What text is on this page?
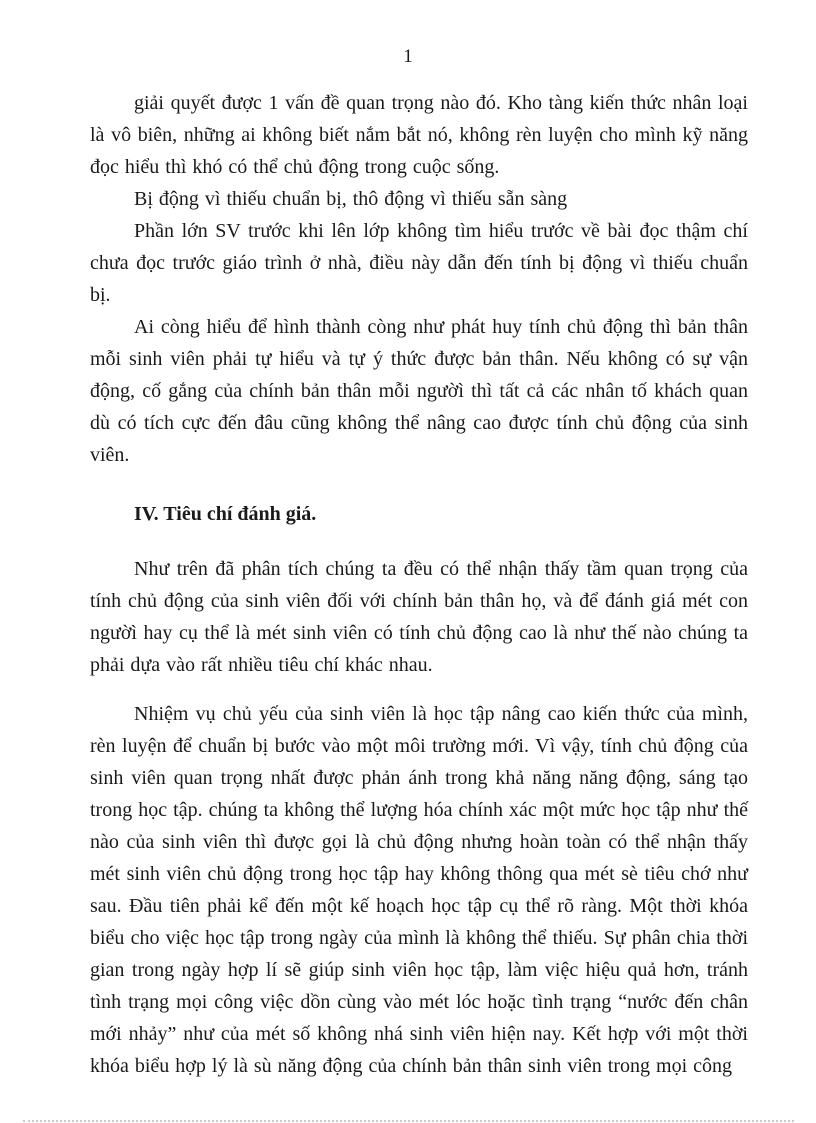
1

giải quyết được 1 vấn đề quan trọng nào đó. Kho tàng kiến thức nhân loại là vô biên, những ai không biết nắm bắt nó, không rèn luyện cho mình kỹ năng đọc hiểu thì khó có thể chủ động trong cuộc sống.

Bị động vì thiếu chuẩn bị, thô động vì thiếu sẵn sàng

Phần lớn SV trước khi lên lớp không tìm hiểu trước về bài đọc thậm chí chưa đọc trước giáo trình ở nhà, điều này dẫn đến tính bị động vì thiếu chuẩn bị.

Ai còng hiểu để hình thành còng như phát huy tính chủ động thì bản thân mỗi sinh viên phải tự hiểu và tự ý thức được bản thân. Nếu không có sự vận động, cố gắng của chính bản thân mỗi ngườì thì tất cả các nhân tố khách quan dù có tích cực đến đâu cũng không thể nâng cao được tính chủ động của sinh viên.

IV. Tiêu chí đánh giá.

Như trên đã phân tích chúng ta đều có thể nhận thấy tầm quan trọng của tính chủ động của sinh viên đối với chính bản thân họ, và để đánh giá mét con ngườì hay cụ thể là mét sinh viên có tính chủ động cao là như thế nào chúng ta phải dựa vào rất nhiều tiêu chí khác nhau.

Nhiệm vụ chủ yếu của sinh viên là học tập nâng cao kiến thức của mình, rèn luyện để chuẩn bị bước vào một môi trường mới. Vì vậy, tính chủ động của sinh viên quan trọng nhất được phản ánh trong khả năng năng động, sáng tạo trong học tập. chúng ta không thể lượng hóa chính xác một mức học tập như thế nào của sinh viên thì được gọi là chủ động nhưng hoàn toàn có thể nhận thấy mét sinh viên chủ động trong học tập hay không thông qua mét sè tiêu chớ như sau. Đầu tiên phải kể đến một kế hoạch học tập cụ thể rõ ràng. Một thời khóa biểu cho việc học tập trong ngày của mình là không thể thiếu. Sự phân chia thời gian trong ngày hợp lí sẽ giúp sinh viên học tập, làm việc hiệu quả hơn, tránh tình trạng mọi công việc dồn cùng vào mét lóc hoặc tình trạng “nước đến chân mới nhảy” như của mét số không nhá sinh viên hiện nay. Kết hợp với một thời khóa biểu hợp lý là sù năng động của chính bản thân sinh viên trong mọi công
